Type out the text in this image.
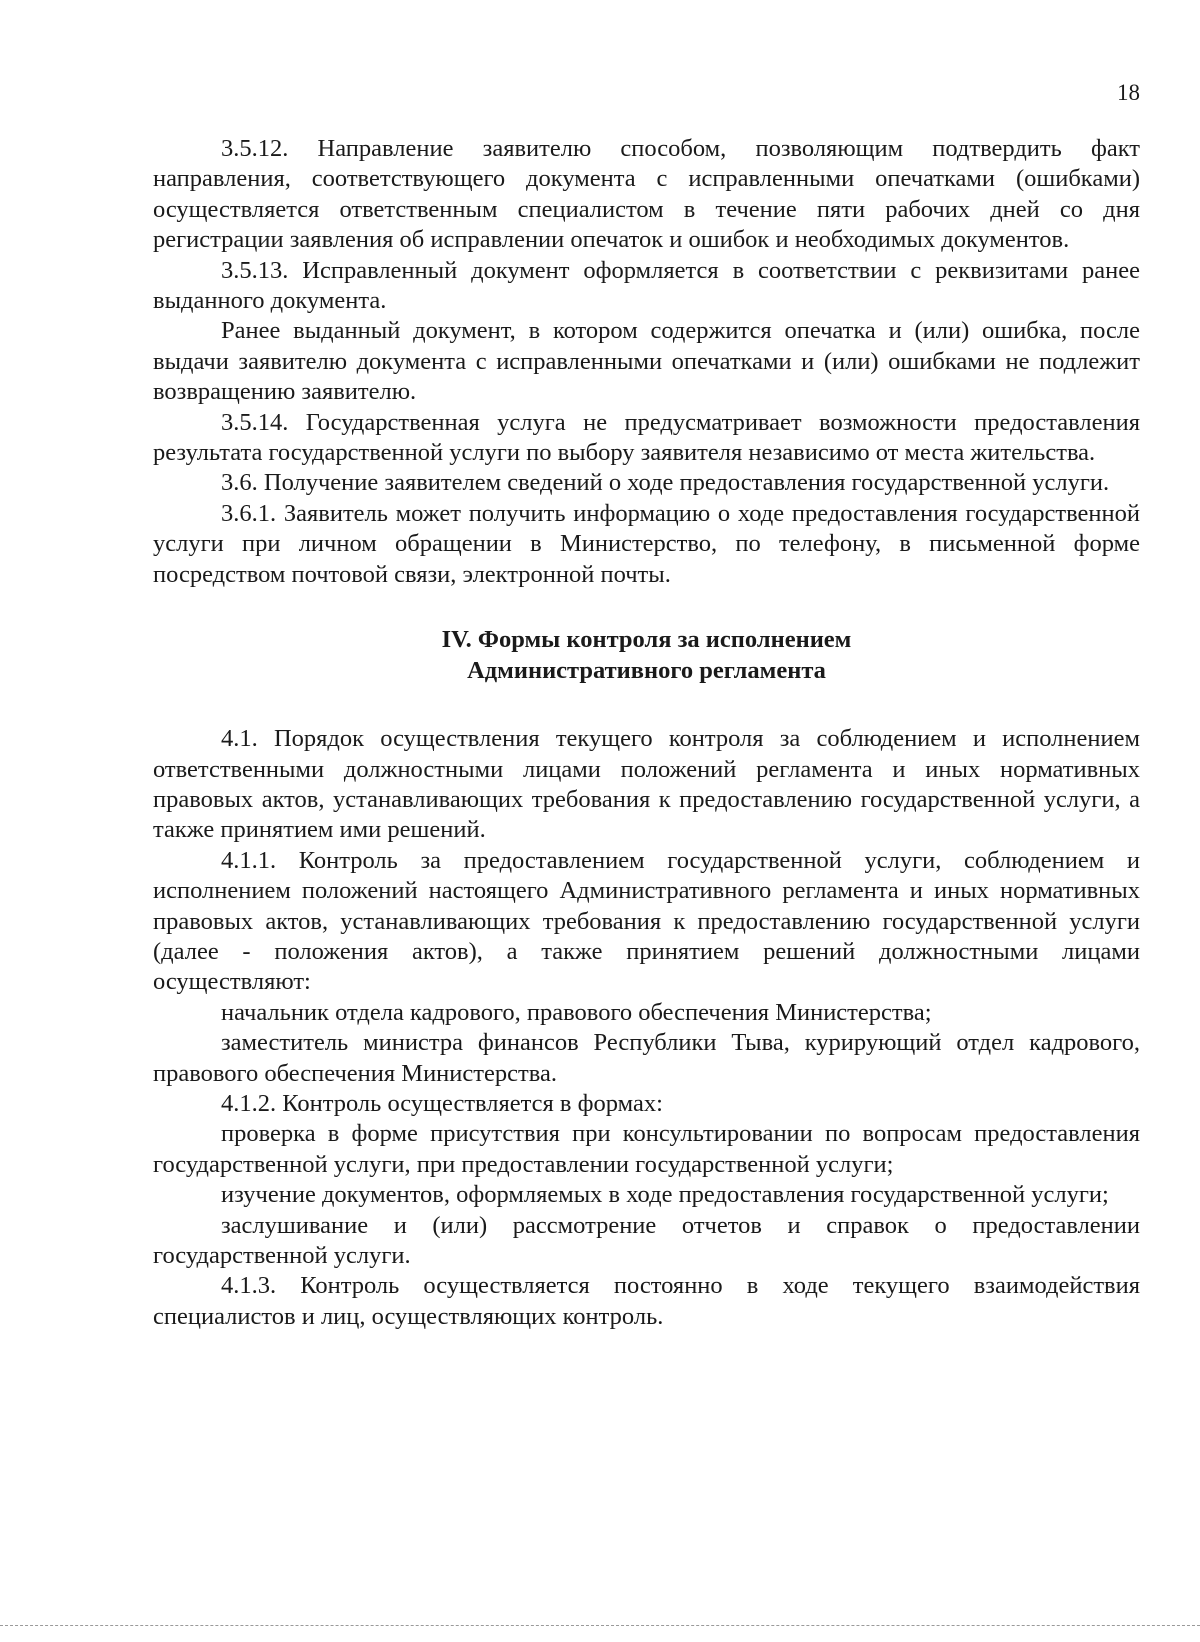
18

3.5.12. Направление заявителю способом, позволяющим подтвердить факт направления, соответствующего документа с исправленными опечатками (ошибками) осуществляется ответственным специалистом в течение пяти рабочих дней со дня регистрации заявления об исправлении опечаток и ошибок и необходимых документов.

3.5.13. Исправленный документ оформляется в соответствии с реквизитами ранее выданного документа.

Ранее выданный документ, в котором содержится опечатка и (или) ошибка, после выдачи заявителю документа с исправленными опечатками и (или) ошибками не подлежит возвращению заявителю.

3.5.14. Государственная услуга не предусматривает возможности предоставления результата государственной услуги по выбору заявителя независимо от места жительства.

3.6. Получение заявителем сведений о ходе предоставления государственной услуги.

3.6.1. Заявитель может получить информацию о ходе предоставления государственной услуги при личном обращении в Министерство, по телефону, в письменной форме посредством почтовой связи, электронной почты.

IV. Формы контроля за исполнением
Административного регламента

4.1. Порядок осуществления текущего контроля за соблюдением и исполнением ответственными должностными лицами положений регламента и иных нормативных правовых актов, устанавливающих требования к предоставлению государственной услуги, а также принятием ими решений.

4.1.1. Контроль за предоставлением государственной услуги, соблюдением и исполнением положений настоящего Административного регламента и иных нормативных правовых актов, устанавливающих требования к предоставлению государственной услуги (далее - положения актов), а также принятием решений должностными лицами осуществляют:

начальник отдела кадрового, правового обеспечения Министерства;

заместитель министра финансов Республики Тыва, курирующий отдел кадрового, правового обеспечения Министерства.

4.1.2. Контроль осуществляется в формах:

проверка в форме присутствия при консультировании по вопросам предоставления государственной услуги, при предоставлении государственной услуги;

изучение документов, оформляемых в ходе предоставления государственной услуги;

заслушивание и (или) рассмотрение отчетов и справок о предоставлении государственной услуги.

4.1.3. Контроль осуществляется постоянно в ходе текущего взаимодействия специалистов и лиц, осуществляющих контроль.
